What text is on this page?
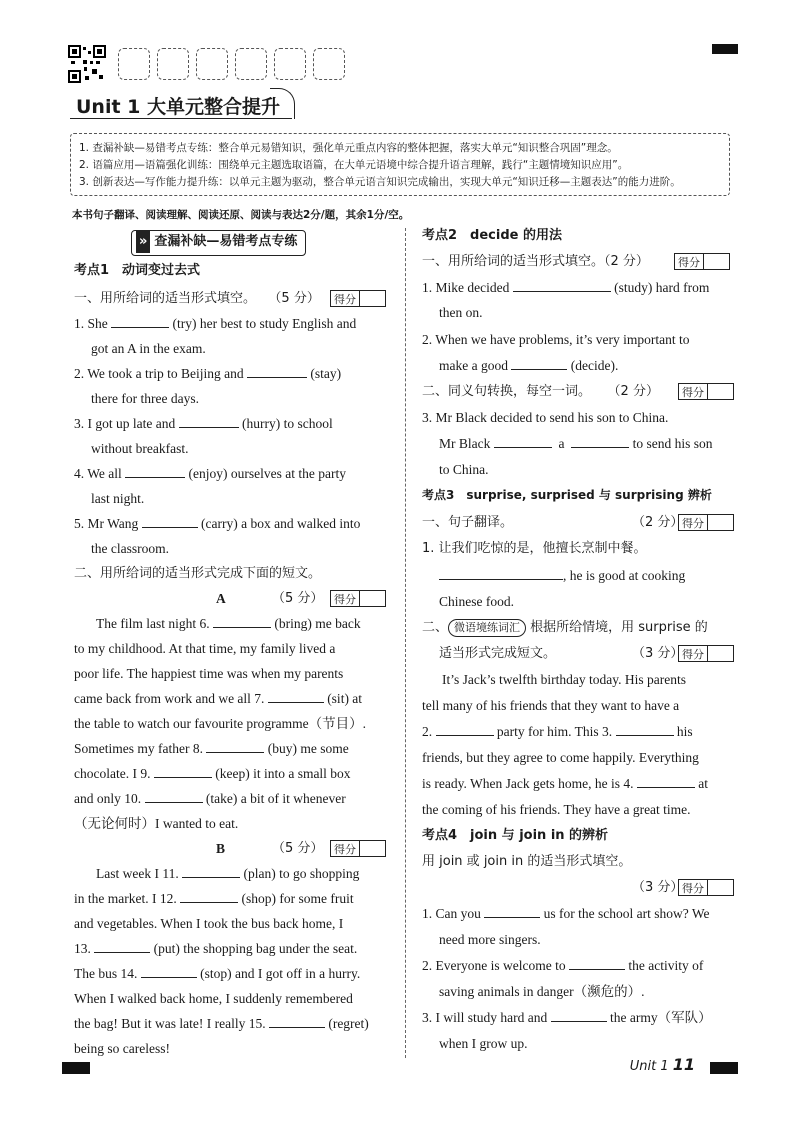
Unit 1 大单元整合提升
1. 查漏补缺—易错考点专练：整合单元易错知识，强化单元重点内容的整体把握，落实大单元“知识整合巩固”理念。
2. 语篇应用—语篇强化训练：围绕单元主题选取语篇，在大单元语境中综合提升语言理解，践行“主题情境知识应用”。
3. 创新表达—写作能力提升练：以单元主题为驱动，整合单元语言知识完成输出，实现大单元“知识迁移—主题表达”的能力进阶。
本书句子翻译、阅读理解、阅读还原、阅读与表达2分/题，其余1分/空。
» 查漏补缺—易错考点专练
考点1　动词变过去式
一、用所给词的适当形式填空。 （5 分）	得分
1. She	(try) her best to study English and
got an A in the exam.
2. We took a trip to Beijing and	(stay)
there for three days.
3. I got up late and	(hurry) to school
without breakfast.
4. We all	(enjoy) ourselves at the party
last night.
5. Mr Wang	(carry) a box and walked into
the classroom.
二、用所给词的适当形式完成下面的短文。
A	（5 分） 得分
The film last night 6.	(bring) me back
to my childhood. At that time, my family lived a
poor life. The happiest time was when my parents
came back from work and we all 7.	(sit) at
the table to watch our favourite programme（节目）.
Sometimes my father 8.	(buy) me some
chocolate. I 9.	(keep) it into a small box
and only 10.	(take) a bit of it whenever
（无论何时）I wanted to eat.
B	（5 分） 得分
Last week I 11.	(plan) to go shopping
in the market. I 12.	(shop) for some fruit
and vegetables. When I took the bus back home, I
13.	(put) the shopping bag under the seat.
The bus 14.	(stop) and I got off in a hurry.
When I walked back home, I suddenly remembered
the bag! But it was late! I really 15.	(regret)
being so careless!
考点2　decide 的用法
一、用所给词的适当形式填空。（2 分）	得分
1. Mike decided	(study) hard from
then on.
2. When we have problems, it’s very important to
make a good	(decide).
二、同义句转换，每空一词。 （2 分）	得分
3. Mr Black decided to send his son to China.
Mr Black	a	to send his son
to China.
考点3　surprise, surprised 与 surprising 辨析
一、句子翻译。	（2 分）
得分
1. 让我们吃惊的是，他擅长烹制中餐。
, he is good at cooking
Chinese food.
二、 微语境练词汇 根据所给情境，用 surprise 的
适当形式完成短文。	（3 分）
得分
It’s Jack’s twelfth birthday today. His parents
tell many of his friends that they want to have a
2.	party for him. This 3.	his
friends, but they agree to come happily. Everything
is ready. When Jack gets home, he is 4.	at
the coming of his friends. They have a great time.
考点4　join 与 join in 的辨析
用 join 或 join in 的适当形式填空。
（3 分）
得分
1. Can you	us for the school art show? We
need more singers.
2. Everyone is welcome to	the activity of
saving animals in danger（濒危的）.
3. I will study hard and	the army（军队）
when I grow up.
Unit 1 11
